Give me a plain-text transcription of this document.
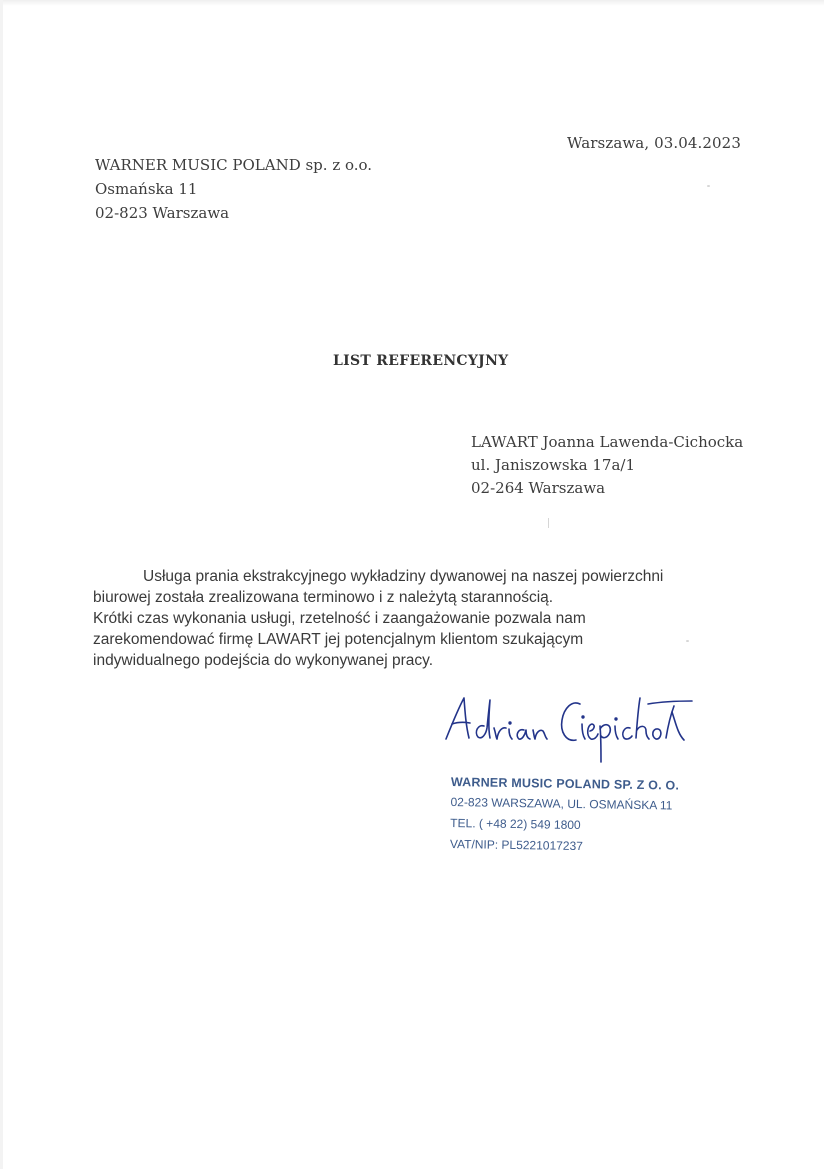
Warszawa, 03.04.2023
WARNER MUSIC POLAND sp. z o.o.
Osmańska 11
02-823 Warszawa
LIST REFERENCYJNY
LAWART Joanna Lawenda-Cichocka
ul. Janiszowska 17a/1
02-264 Warszawa
Usługa prania ekstrakcyjnego wykładziny dywanowej na naszej powierzchni
biurowej została zrealizowana terminowo i z należytą starannością.
Krótki czas wykonania usługi, rzetelność i zaangażowanie pozwala nam
zarekomendować firmę LAWART jej potencjalnym klientom szukającym
indywidualnego podejścia do wykonywanej pracy.
WARNER MUSIC POLAND SP. Z O. O.
02-823 WARSZAWA, UL. OSMAŃSKA 11
TEL. ( +48 22) 549 1800
VAT/NIP: PL5221017237
